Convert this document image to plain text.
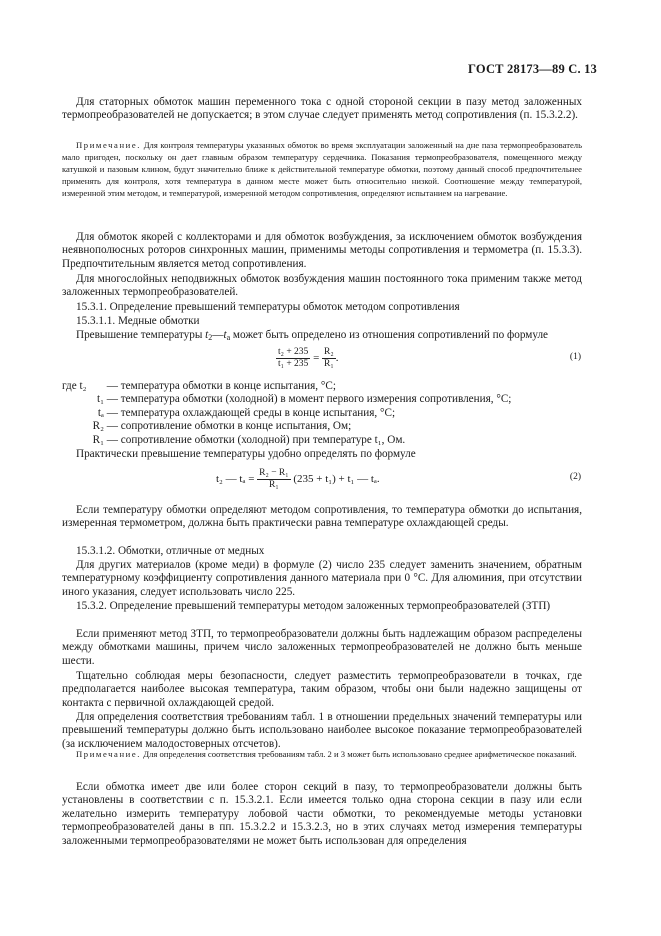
ГОСТ 28173—89 С. 13

Для статорных обмоток машин переменного тока с одной стороной секции в пазу метод заложенных термопреобразователей не допускается; в этом случае следует применять метод сопротивления (п. 15.3.2.2).

Примечание. Для контроля температуры указанных обмоток во время эксплуатации заложенный на дне паза термопреобразователь мало пригоден, поскольку он дает главным образом температуру сердечника. Показания термопреобразователя, помещенного между катушкой и пазовым клином, будут значительно ближе к действительной температуре обмотки, поэтому данный способ предпочтительнее применять для контроля, хотя температура в данном месте может быть относительно низкой. Соотношение между температурой, измеренной этим методом, и температурой, измеренной методом сопротивления, определяют испытанием на нагревание.

Для обмоток якорей с коллекторами и для обмоток возбуждения, за исключением обмоток возбуждения неявнополюсных роторов синхронных машин, применимы методы сопротивления и термометра (п. 15.3.3). Предпочтительным является метод сопротивления.

Для многослойных неподвижных обмоток возбуждения машин постоянного тока применим также метод заложенных термопреобразователей.

15.3.1. Определение превышений температуры обмоток методом сопротивления

15.3.1.1. Медные обмотки

Превышение температуры $t_2—t_a$ может быть определено из отношения сопротивлений по формуле

$\frac{\text{t₂ + 235}}{\text{t₁ + 235}} = \frac{\text{R₂}}{\text{R₁}}$ .	(1)
где t₂ — температура обмотки в конце испытания, °С;
t₁ — температура обмотки (холодной) в момент первого измерения сопротивления, °С;
tₐ — температура охлаждающей среды в конце испытания, °С;
R₂ — сопротивление обмотки в конце испытания, Ом;
R₁ — сопротивление обмотки (холодной) при температуре t₁, Ом.

Практически превышение температуры удобно определять по формуле

t₂ — $t_a = \frac{\text{R₂ − R₁}}{\text{R₁}} (235 + t_1) + t_1$ — tₐ.	(2)

Если температуру обмотки определяют методом сопротивления, то температура обмотки до испытания, измеренная термометром, должна быть практически равна температуре охлаждающей среды.

15.3.1.2. Обмотки, отличные от медных

Для других материалов (кроме меди) в формуле (2) число 235 следует заменить значением, обратным температурному коэффициенту сопротивления данного материала при 0 °С. Для алюминия, при отсутствии иного указания, следует использовать число 225.

15.3.2. Определение превышений температуры методом заложенных термопреобразователей (ЗТП)

Если применяют метод ЗТП, то термопреобразователи должны быть надлежащим образом распределены между обмотками машины, причем число заложенных термопреобразователей не должно быть меньше шести.

Тщательно соблюдая меры безопасности, следует разместить термопреобразователи в точках, где предполагается наиболее высокая температура, таким образом, чтобы они были надежно защищены от контакта с первичной охлаждающей средой.

Для определения соответствия требованиям табл. 1 в отношении предельных значений температуры или превышений температуры должно быть использовано наиболее высокое показание термопреобразователей (за исключением малодостоверных отсчетов).

Примечание. Для определения соответствия требованиям табл. 2 и 3 может быть использовано среднее арифметическое показаний.

Если обмотка имеет две или более сторон секций в пазу, то термопреобразователи должны быть установлены в соответствии с п. 15.3.2.1. Если имеется только одна сторона секции в пазу или если желательно измерить температуру лобовой части обмотки, то рекомендуемые методы установки термопреобразователей даны в пп. 15.3.2.2 и 15.3.2.3, но в этих случаях метод измерения температуры заложенными термопреобразователями не может быть использован для определения
